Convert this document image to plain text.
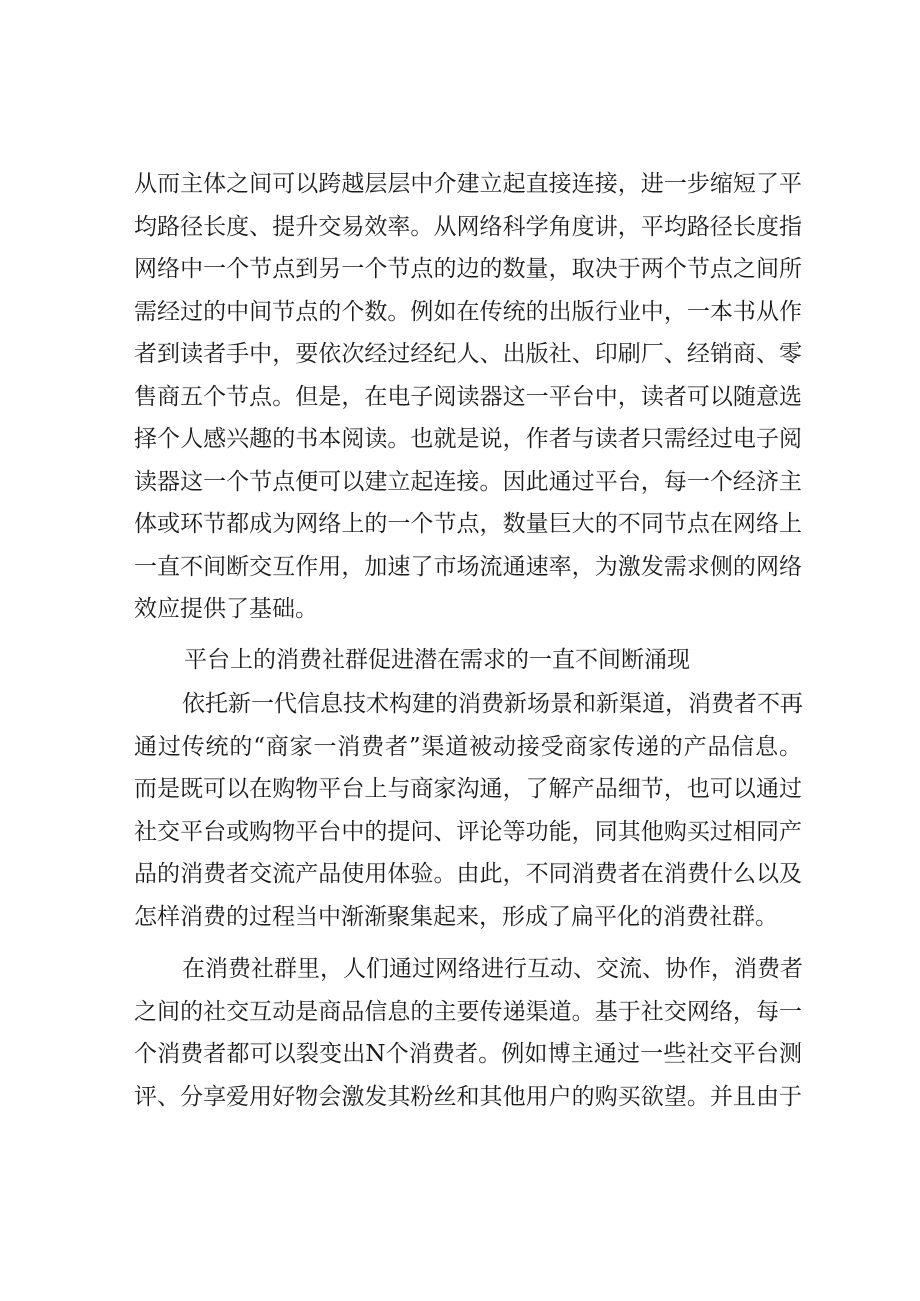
从而主体之间可以跨越层层中介建立起直接连接，进一步缩短了平
均路径长度、提升交易效率。从网络科学角度讲，平均路径长度指
网络中一个节点到另一个节点的边的数量，取决于两个节点之间所
需经过的中间节点的个数。例如在传统的出版行业中，一本书从作
者到读者手中，要依次经过经纪人、出版社、印刷厂、经销商、零
售商五个节点。但是，在电子阅读器这一平台中，读者可以随意选
择个人感兴趣的书本阅读。也就是说，作者与读者只需经过电子阅
读器这一个节点便可以建立起连接。因此通过平台，每一个经济主
体或环节都成为网络上的一个节点，数量巨大的不同节点在网络上
一直不间断交互作用，加速了市场流通速率，为激发需求侧的网络
效应提供了基础。
平台上的消费社群促进潜在需求的一直不间断涌现
依托新一代信息技术构建的消费新场景和新渠道，消费者不再
通过传统的“商家一消费者”渠道被动接受商家传递的产品信息。
而是既可以在购物平台上与商家沟通，了解产品细节，也可以通过
社交平台或购物平台中的提问、评论等功能，同其他购买过相同产
品的消费者交流产品使用体验。由此，不同消费者在消费什么以及
怎样消费的过程当中渐渐聚集起来，形成了扁平化的消费社群。
在消费社群里，人们通过网络进行互动、交流、协作，消费者
之间的社交互动是商品信息的主要传递渠道。基于社交网络，每一
个消费者都可以裂变出N个消费者。例如博主通过一些社交平台测
评、分享爱用好物会激发其粉丝和其他用户的购买欲望。并且由于
